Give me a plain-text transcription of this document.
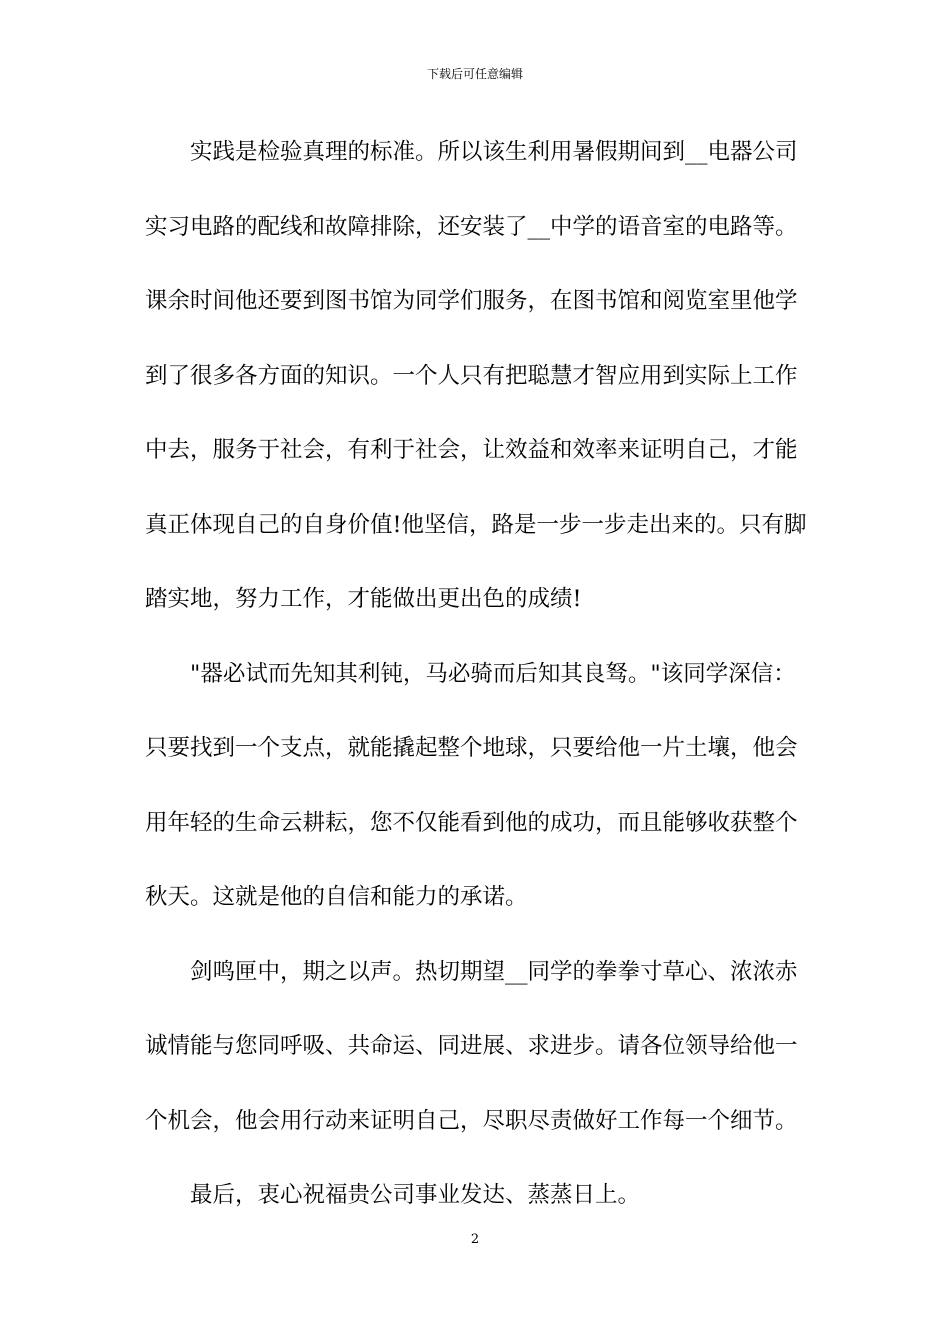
下载后可任意编辑
实践是检验真理的标准。所以该生利用暑假期间到__电器公司
实习电路的配线和故障排除，还安装了__中学的语音室的电路等。
课余时间他还要到图书馆为同学们服务，在图书馆和阅览室里他学
到了很多各方面的知识。一个人只有把聪慧才智应用到实际上工作
中去，服务于社会，有利于社会，让效益和效率来证明自己，才能
真正体现自己的自身价值!他坚信，路是一步一步走出来的。只有脚
踏实地，努力工作，才能做出更出色的成绩!
"器必试而先知其利钝，马必骑而后知其良驽。"该同学深信：
只要找到一个支点，就能撬起整个地球，只要给他一片土壤，他会
用年轻的生命云耕耘，您不仅能看到他的成功，而且能够收获整个
秋天。这就是他的自信和能力的承诺。
剑鸣匣中，期之以声。热切期望__同学的拳拳寸草心、浓浓赤
诚情能与您同呼吸、共命运、同进展、求进步。请各位领导给他一
个机会，他会用行动来证明自己，尽职尽责做好工作每一个细节。
最后，衷心祝福贵公司事业发达、蒸蒸日上。
2
